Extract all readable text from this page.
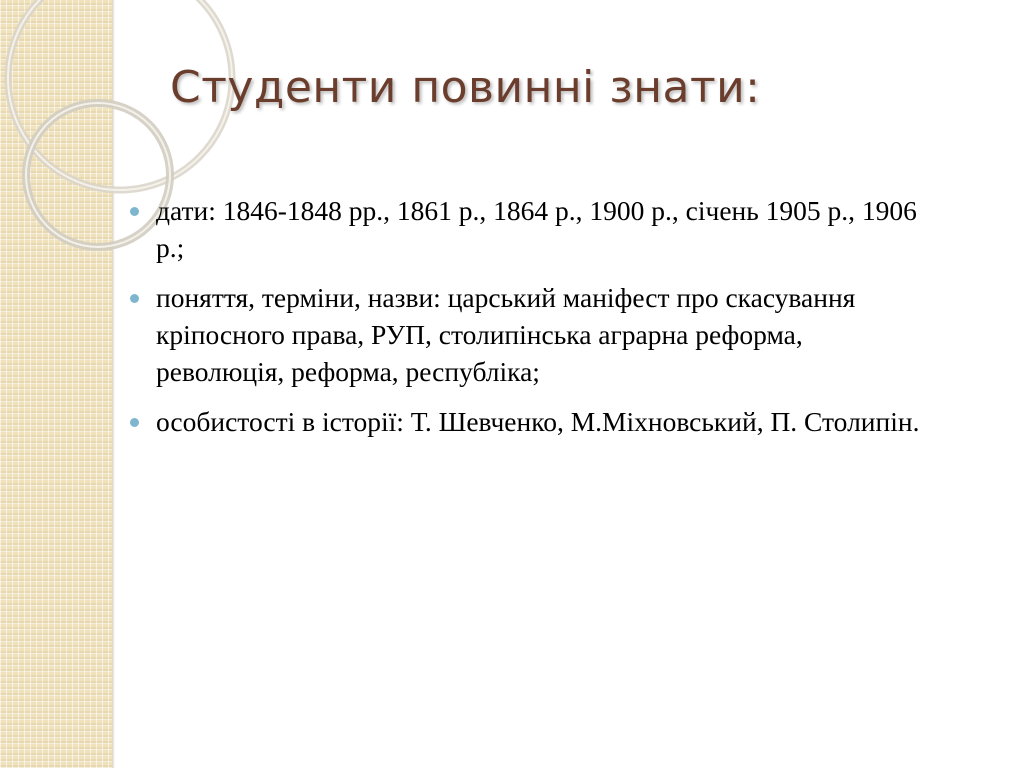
Студенти повинні знати:
дати: 1846-1848 рр., 1861 р., 1864 р., 1900 р., січень 1905 р., 1906 р.;
поняття, терміни, назви: царський маніфест про скасування кріпосного права, РУП, столипінська аграрна реформа, революція, реформа, республіка;
особистості в історії: Т. Шевченко, М.Міхновський, П. Столипін.
